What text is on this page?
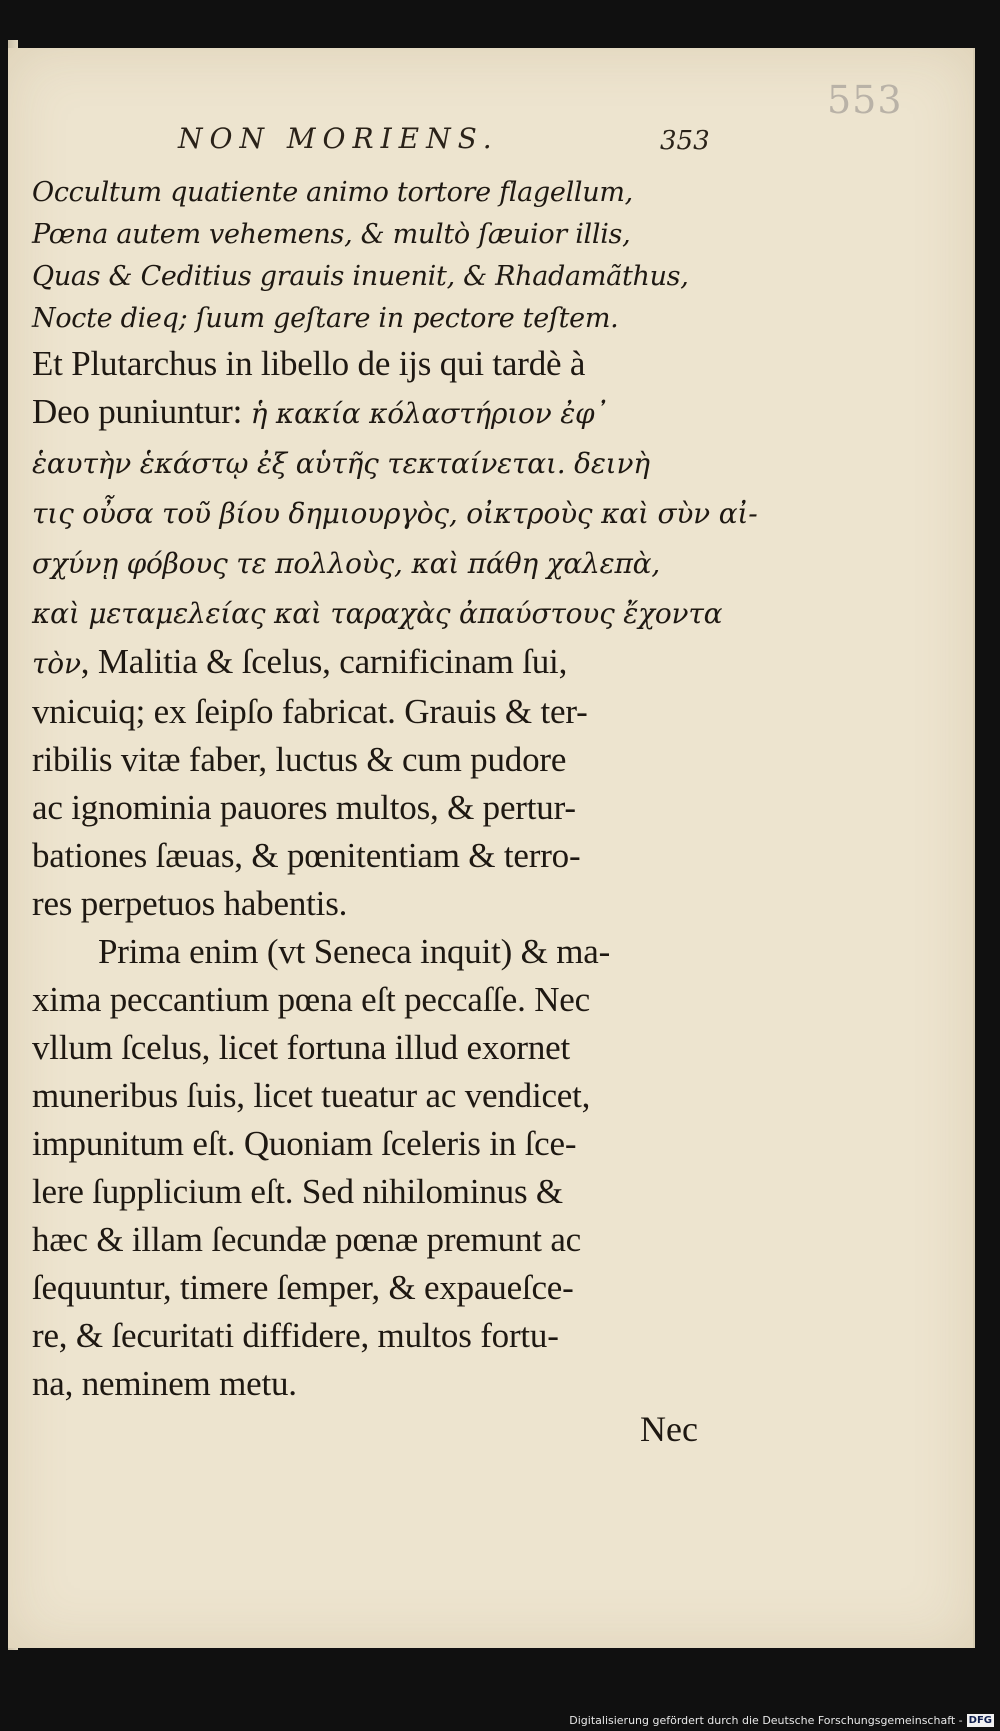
553
NON MORIENS.	353
Occultum quatiente animo tortore flagellum,
Pœna autem vehemens, & multò ſæuior illis,
Quas & Ceditius grauis inuenit, & Rhadamãthus,
Nocte dieq; ſuum geſtare in pectore teſtem.
Et Plutarchus in libello de ijs qui tardè à
Deo puniuntur: ἡ κακία κόλαστήριον ἐφ᾽
ἑαυτὴν ἑκάστῳ ἐξ αὑτῆς τεκταίνεται. δεινὴ
τις οὖσα τοῦ βίου δημιουργὸς, οἰκτροὺς καὶ σὺν αἰ-
σχύνῃ φόβους τε πολλοὺς, καὶ πάθη χαλεπὰ,
καὶ μεταμελείας καὶ ταραχὰς ἀπαύστους ἔχοντα
τὸν, Malitia & ſcelus, carnificinam ſui,
vnicuiq; ex ſeipſo fabricat. Grauis & ter-
ribilis vitæ faber, luctus & cum pudore
ac ignominia pauores multos, & pertur-
bationes ſæuas, & pœnitentiam & terro-
res perpetuos habentis.
Prima enim (vt Seneca inquit) & ma-
xima peccantium pœna eſt peccaſſe. Nec
vllum ſcelus, licet fortuna illud exornet
muneribus ſuis, licet tueatur ac vendicet,
impunitum eſt. Quoniam ſceleris in ſce-
lere ſupplicium eſt. Sed nihilominus &
hæc & illam ſecundæ pœnæ premunt ac
ſequuntur, timere ſemper, & expaueſce-
re, & ſecuritati diffidere, multos fortu-
na, neminem metu.
Nec
Digitalisierung gefördert durch die Deutsche Forschungsgemeinschaft - DFG
